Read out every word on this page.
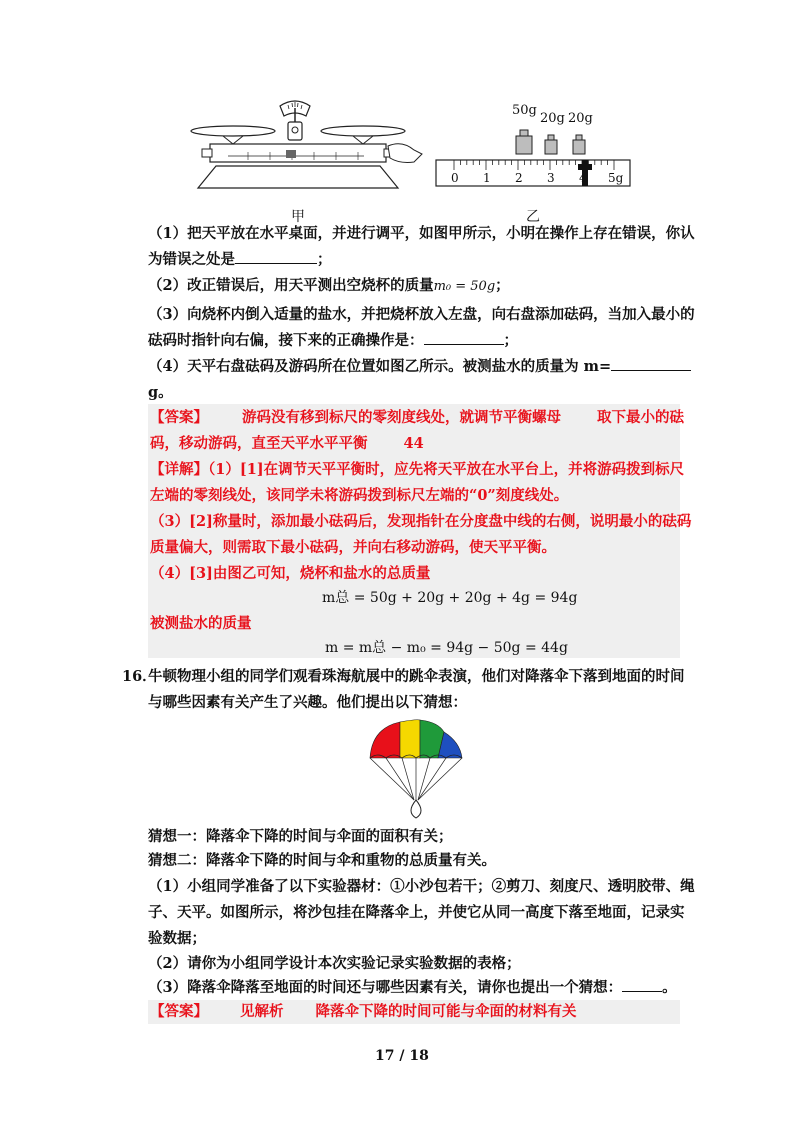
甲
50g
20g 20g
0 1 2 3 4 5g
乙
（1）把天平放在水平桌面，并进行调平，如图甲所示，小明在操作上存在错误，你认
为错误之处是	；
（2）改正错误后，用天平测出空烧杯的质量m₀ = 50g；
（3）向烧杯内倒入适量的盐水，并把烧杯放入左盘，向右盘添加砝码，当加入最小的
砝码时指针向右偏，接下来的正确操作是：	；
（4）天平右盘砝码及游码所在位置如图乙所示。被测盐水的质量为 m=
g。
【答案】 游码没有移到标尺的零刻度线处，就调节平衡螺母 取下最小的砝
码，移动游码，直至天平水平平衡 44
【详解】（1）[1]在调节天平平衡时，应先将天平放在水平台上，并将游码拨到标尺
左端的零刻线处，该同学未将游码拨到标尺左端的“0”刻度线处。
（3）[2]称量时，添加最小砝码后，发现指针在分度盘中线的右侧，说明最小的砝码
质量偏大，则需取下最小砝码，并向右移动游码，使天平平衡。
（4）[3]由图乙可知，烧杯和盐水的总质量
m总 = 50g + 20g + 20g + 4g = 94g
被测盐水的质量
m = m总 − m₀ = 94g − 50g = 44g
16．
牛顿物理小组的同学们观看珠海航展中的跳伞表演，他们对降落伞下落到地面的时间
与哪些因素有关产生了兴趣。他们提出以下猜想：
猜想一：降落伞下降的时间与伞面的面积有关；
猜想二：降落伞下降的时间与伞和重物的总质量有关。
（1）小组同学准备了以下实验器材：①小沙包若干；②剪刀、刻度尺、透明胶带、绳
子、天平。如图所示，将沙包挂在降落伞上，并使它从同一高度下落至地面，记录实
验数据；
（2）请你为小组同学设计本次实验记录实验数据的表格；
（3）降落伞降落至地面的时间还与哪些因素有关，请你也提出一个猜想：	。
【答案】 见解析 降落伞下降的时间可能与伞面的材料有关
17 / 18
